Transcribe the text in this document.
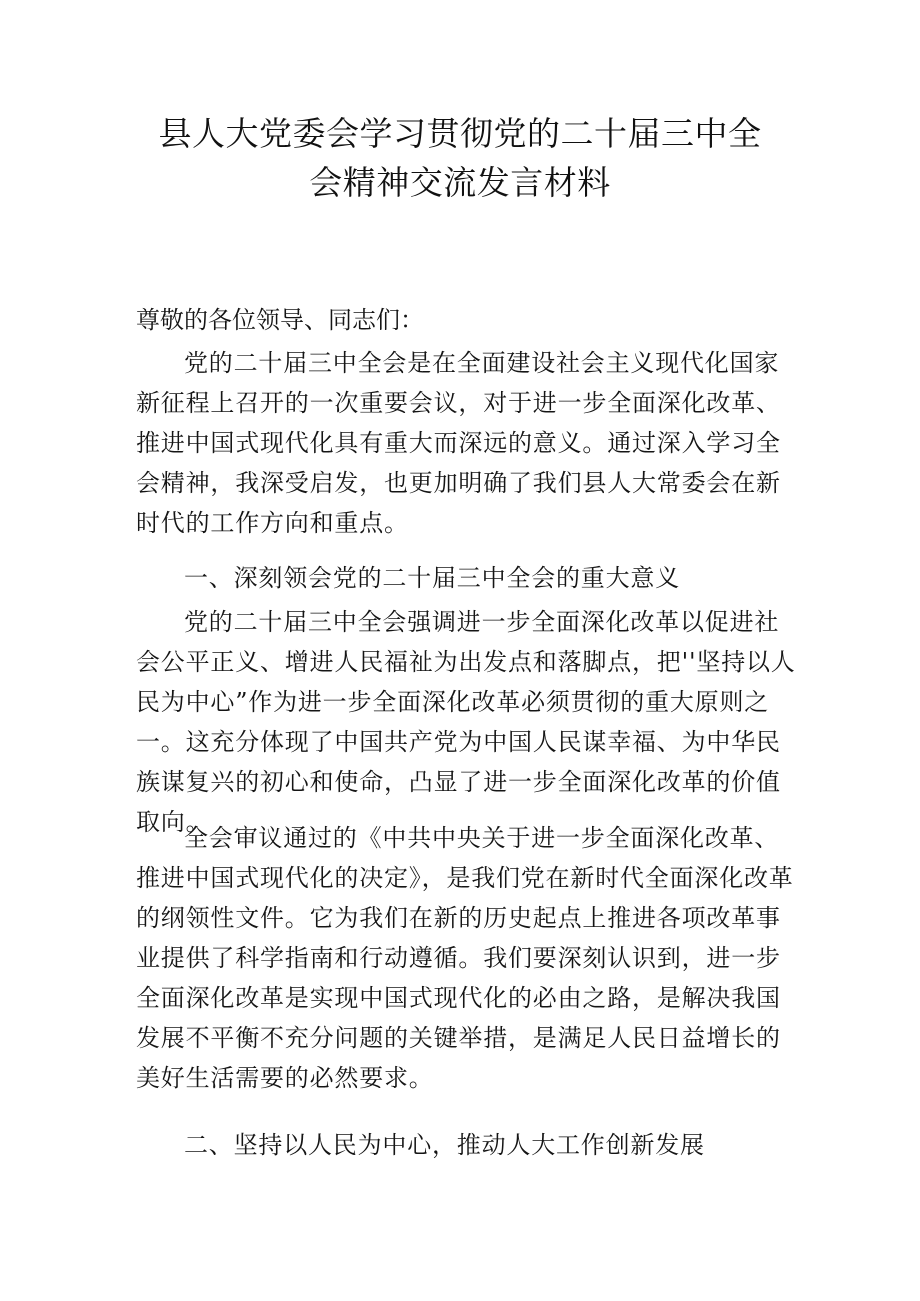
县人大党委会学习贯彻党的二十届三中全
会精神交流发言材料
尊敬的各位领导、同志们：
党的二十届三中全会是在全面建设社会主义现代化国家新征程上召开的一次重要会议，对于进一步全面深化改革、推进中国式现代化具有重大而深远的意义。通过深入学习全会精神，我深受启发，也更加明确了我们县人大常委会在新时代的工作方向和重点。
一、深刻领会党的二十届三中全会的重大意义
党的二十届三中全会强调进一步全面深化改革以促进社会公平正义、增进人民福祉为出发点和落脚点，把''坚持以人民为中心”作为进一步全面深化改革必须贯彻的重大原则之一。这充分体现了中国共产党为中国人民谋幸福、为中华民族谋复兴的初心和使命，凸显了进一步全面深化改革的价值取向。
全会审议通过的《中共中央关于进一步全面深化改革、推进中国式现代化的决定》，是我们党在新时代全面深化改革的纲领性文件。它为我们在新的历史起点上推进各项改革事业提供了科学指南和行动遵循。我们要深刻认识到，进一步全面深化改革是实现中国式现代化的必由之路，是解决我国发展不平衡不充分问题的关键举措，是满足人民日益增长的美好生活需要的必然要求。
二、坚持以人民为中心，推动人大工作创新发展
